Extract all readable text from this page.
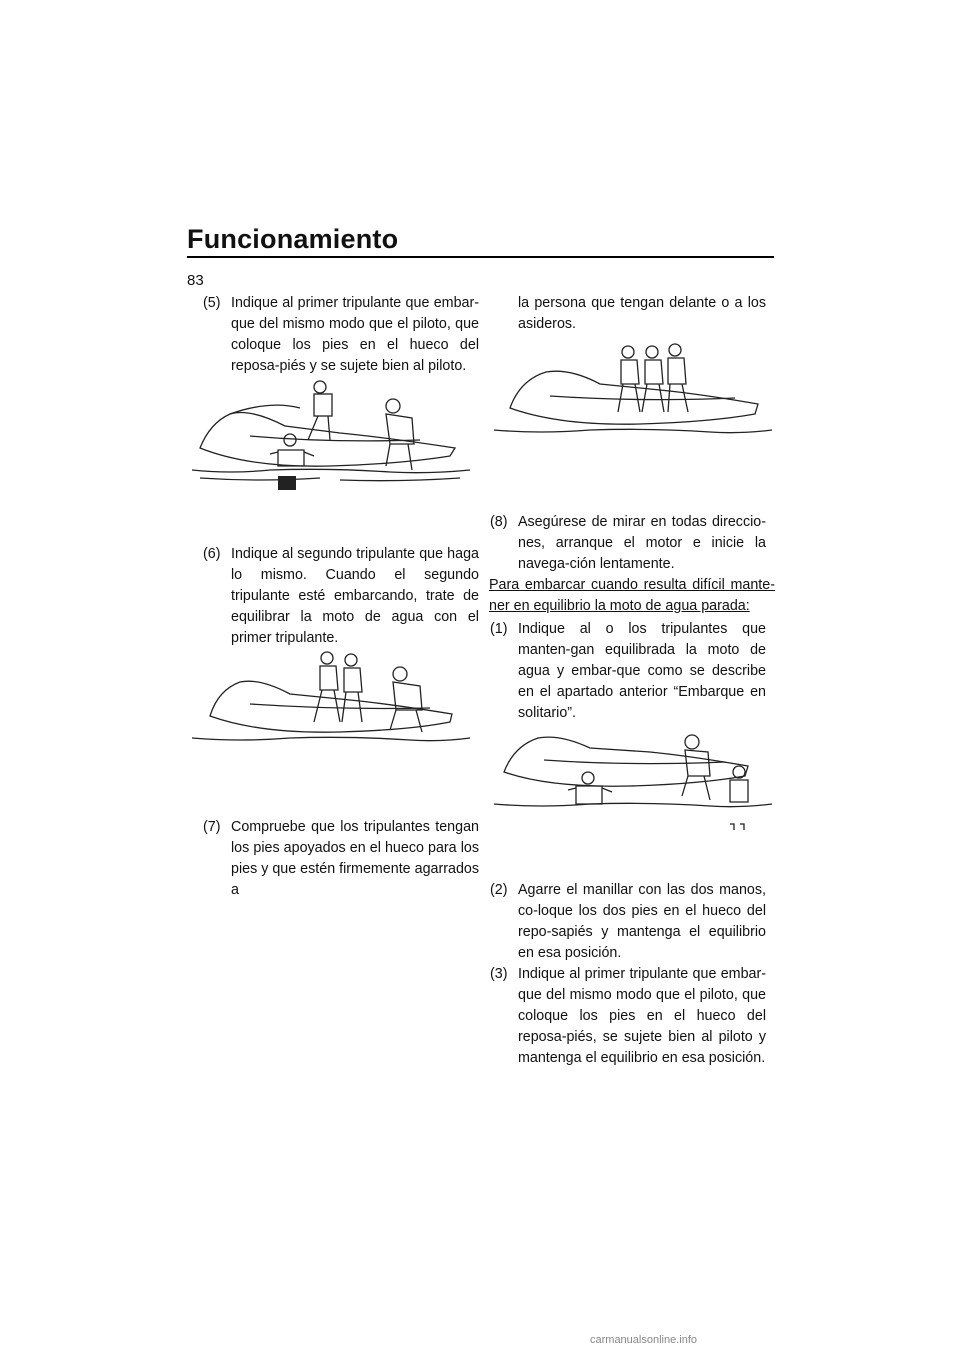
Funcionamiento
83

(5) Indique al primer tripulante que embar-que del mismo modo que el piloto, que coloque los pies en el hueco del reposa-piés y se sujete bien al piloto.

(6) Indique al segundo tripulante que haga lo mismo. Cuando el segundo tripulante esté embarcando, trate de equilibrar la moto de agua con el primer tripulante.

(7) Compruebe que los tripulantes tengan los pies apoyados en el hueco para los pies y que estén firmemente agarrados a

la persona que tengan delante o a los asideros.

(8) Asegúrese de mirar en todas direccio-nes, arranque el motor e inicie la navega-ción lentamente.

Para embarcar cuando resulta difícil mante-ner en equilibrio la moto de agua parada:

(1) Indique al o los tripulantes que manten-gan equilibrada la moto de agua y embar-que como se describe en el apartado anterior “Embarque en solitario”.

(2) Agarre el manillar con las dos manos, co-loque los dos pies en el hueco del repo-sapiés y mantenga el equilibrio en esa posición.

(3) Indique al primer tripulante que embar-que del mismo modo que el piloto, que coloque los pies en el hueco del reposa-piés, se sujete bien al piloto y mantenga el equilibrio en esa posición.

carmanualsonline.info
